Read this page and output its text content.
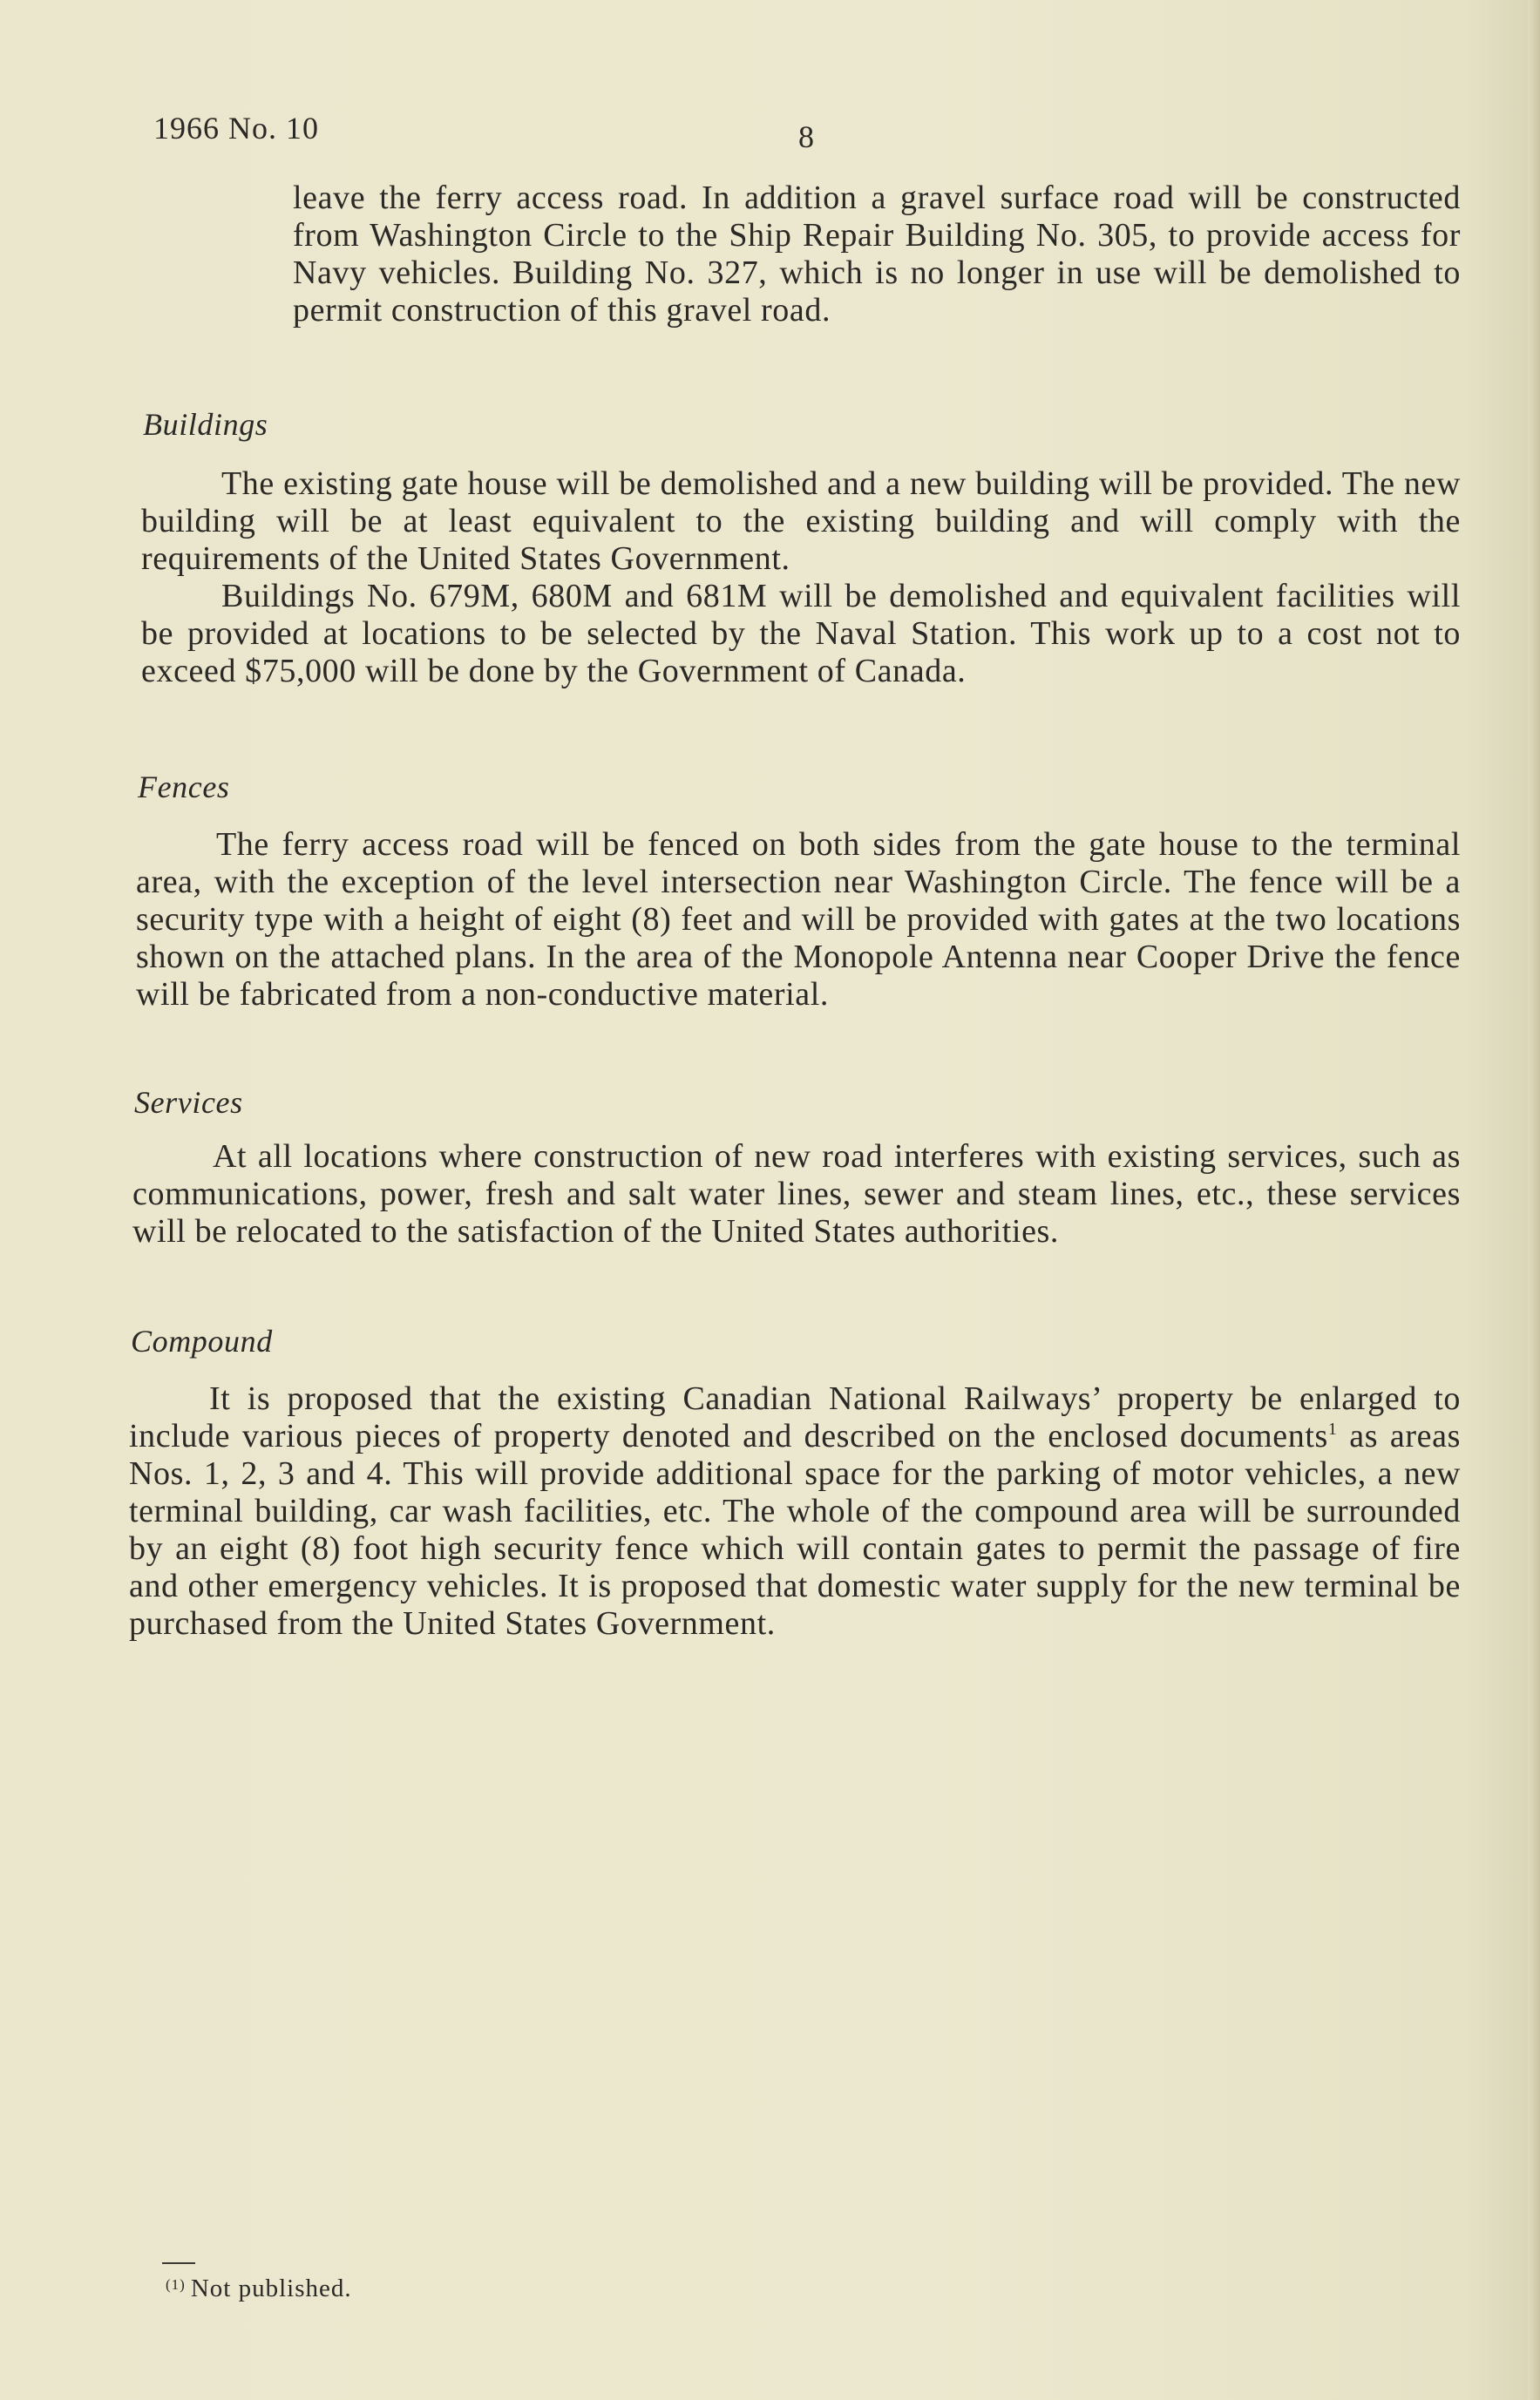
1966 No. 10	8

leave the ferry access road. In addition a gravel surface road will be constructed from Washington Circle to the Ship Repair Building No. 305, to provide access for Navy vehicles. Building No. 327, which is no longer in use will be demolished to permit construction of this gravel road.

Buildings

The existing gate house will be demolished and a new building will be provided. The new building will be at least equivalent to the existing building and will comply with the requirements of the United States Government.

Buildings No. 679M, 680M and 681M will be demolished and equivalent facilities will be provided at locations to be selected by the Naval Station. This work up to a cost not to exceed $75,000 will be done by the Government of Canada.

Fences

The ferry access road will be fenced on both sides from the gate house to the terminal area, with the exception of the level intersection near Washington Circle. The fence will be a security type with a height of eight (8) feet and will be provided with gates at the two locations shown on the attached plans. In the area of the Monopole Antenna near Cooper Drive the fence will be fabricated from a non-conductive material.

Services

At all locations where construction of new road interferes with existing services, such as communications, power, fresh and salt water lines, sewer and steam lines, etc., these services will be relocated to the satisfaction of the United States authorities.

Compound

It is proposed that the existing Canadian National Railways’ property be enlarged to include various pieces of property denoted and described on the enclosed documents$^1$ as areas Nos. 1, 2, 3 and 4. This will provide additional space for the parking of motor vehicles, a new terminal building, car wash facilities, etc. The whole of the compound area will be surrounded by an eight (8) foot high security fence which will contain gates to permit the passage of fire and other emergency vehicles. It is proposed that domestic water supply for the new terminal be purchased from the United States Government.

$^{(1)}$ Not published.
